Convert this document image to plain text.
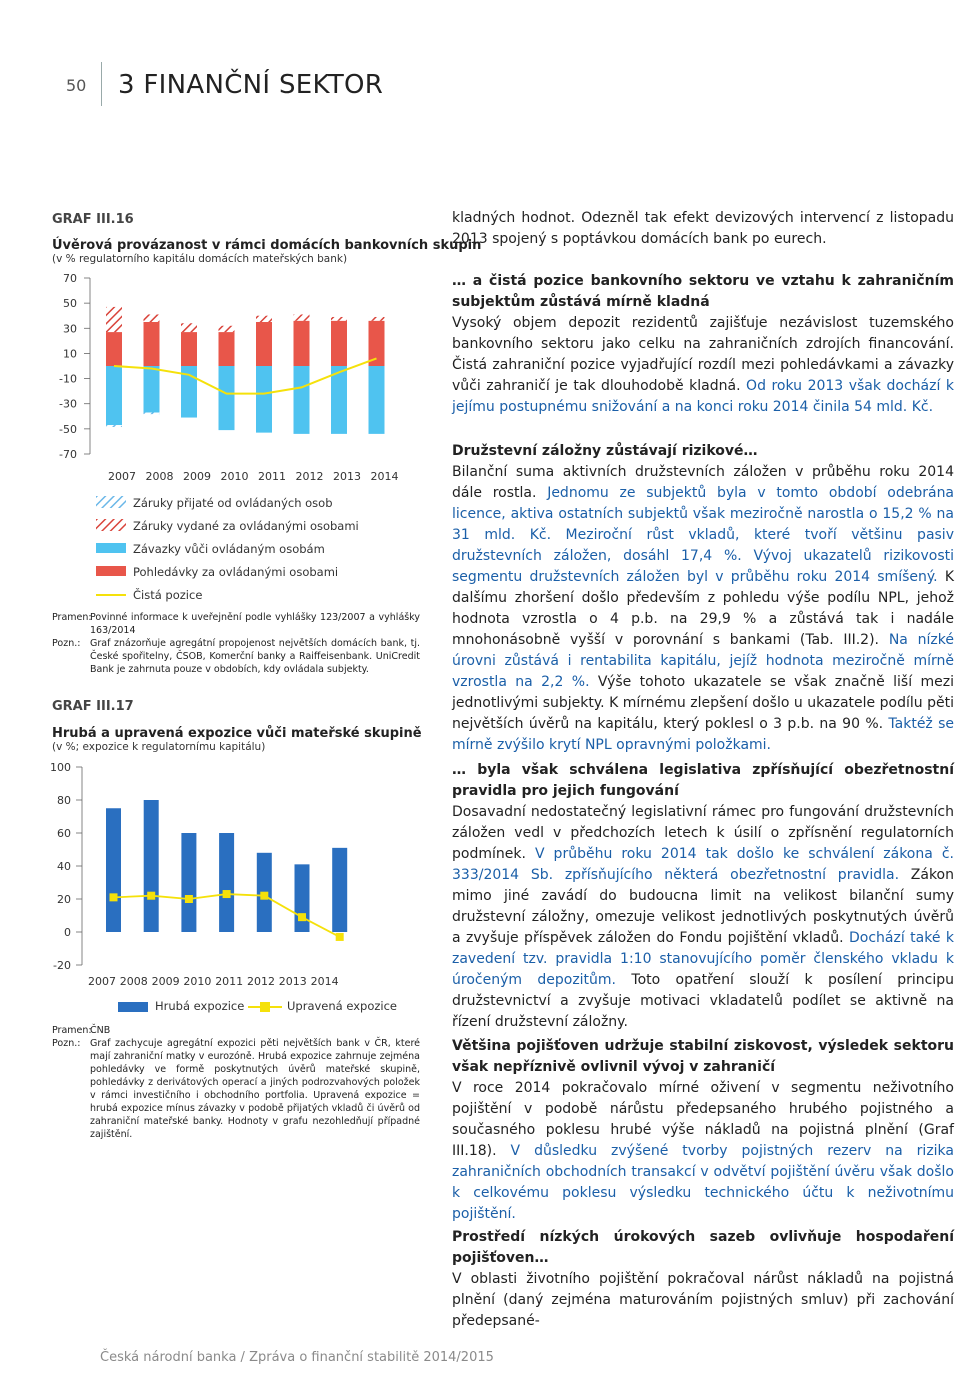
50 3 FINANČNÍ SEKTOR
GRAF III.16
Úvěrová provázanost v rámci domácích bankovních skupin
(v % regulatorního kapitálu domácích mateřských bank)
70
50
30
10
-10
-30
-50
-70
2007 2008 2009 2010 2011 2012 2013 2014
Záruky přijaté od ovládaných osob
Záruky vydané za ovládanými osobami
Závazky vůči ovládaným osobám
Pohledávky za ovládanými osobami
Čistá pozice
Pramen:
Povinné informace k uveřejnění podle vyhlášky 123/2007 a vyhlášky 163/2014
Pozn.:	Graf znázorňuje agregátní propojenost největších domácích bank, tj. České spořitelny, ČSOB, Komerční banky a Raiffeisenbank. UniCredit Bank je zahrnuta pouze v obdobích, kdy ovládala subjekty.
GRAF III.17
Hrubá a upravená expozice vůči mateřské skupině
(v %; expozice k regulatornímu kapitálu)
100
80
60
40
20
0
-20
2007 2008 2009 2010 2011 2012 2013 2014
Hrubá expozice	Upravená expozice
Pramen:
ČNB
Pozn.:	Graf zachycuje agregátní expozici pěti největších bank v ČR, které mají zahraniční matky v eurozóně. Hrubá expozice zahrnuje zejména pohledávky ve formě poskytnutých úvěrů mateřské skupině, pohledávky z derivátových operací a jiných podrozvahových položek v rámci investičního i obchodního portfolia. Upravená expozice = hrubá expozice mínus závazky v podobě přijatých vkladů či úvěrů od zahraniční mateřské banky. Hodnoty v grafu nezohledňují případné zajištění.

kladných hodnot. Odezněl tak efekt devizových intervencí z listopadu 2013 spojený s poptávkou domácích bank po eurech.

… a čistá pozice bankovního sektoru ve vztahu k zahraničním subjektům zůstává mírně kladná

Vysoký objem depozit rezidentů zajišťuje nezávislost tuzemského bankovního sektoru jako celku na zahraničních zdrojích financování. Čistá zahraniční pozice vyjadřující rozdíl mezi pohledávkami a závazky vůči zahraničí je tak dlouhodobě kladná. Od roku 2013 však dochází k jejímu postupnému snižování a na konci roku 2014 činila 54 mld. Kč.

Družstevní záložny zůstávají rizikové…

Bilanční suma aktivních družstevních záložen v průběhu roku 2014 dále rostla. Jednomu ze subjektů byla v tomto období odebrána licence, aktiva ostatních subjektů však meziročně narostla o 15,2 % na 31 mld. Kč. Meziroční růst vkladů, které tvoří většinu pasiv družstevních záložen, dosáhl 17,4 %. Vývoj ukazatelů rizikovosti segmentu družstevních záložen byl v průběhu roku 2014 smíšený. K dalšímu zhoršení došlo především z pohledu výše podílu NPL, jehož hodnota vzrostla o 4 p.b. na 29,9 % a zůstává tak i nadále mnohonásobně vyšší v porovnání s bankami (Tab. III.2). Na nízké úrovni zůstává i rentabilita kapitálu, jejíž hodnota meziročně mírně vzrostla na 2,2 %. Výše tohoto ukazatele se však značně liší mezi jednotlivými subjekty. K mírnému zlepšení došlo u ukazatele podílu pěti největších úvěrů na kapitálu, který poklesl o 3 p.b. na 90 %. Taktéž se mírně zvýšilo krytí NPL opravnými položkami.

… byla však schválena legislativa zpřísňující obezřetnostní pravidla pro jejich fungování

Dosavadní nedostatečný legislativní rámec pro fungování družstevních záložen vedl v předchozích letech k úsilí o zpřísnění regulatorních podmínek. V průběhu roku 2014 tak došlo ke schválení zákona č. 333/2014 Sb. zpřísňujícího některá obezřetnostní pravidla. Zákon mimo jiné zavádí do budoucna limit na velikost bilanční sumy družstevní záložny, omezuje velikost jednotlivých poskytnutých úvěrů a zvyšuje příspěvek záložen do Fondu pojištění vkladů. Dochází také k zavedení tzv. pravidla 1:10 stanovujícího poměr členského vkladu k úročeným depozitům. Toto opatření slouží k posílení principu družstevnictví a zvyšuje motivaci vkladatelů podílet se aktivně na řízení družstevní záložny.

Většina pojišťoven udržuje stabilní ziskovost, výsledek sektoru však nepříznivě ovlivnil vývoj v zahraničí

V roce 2014 pokračovalo mírné oživení v segmentu neživotního pojištění v podobě nárůstu předepsaného hrubého pojistného a současného poklesu hrubé výše nákladů na pojistná plnění (Graf III.18). V důsledku zvýšené tvorby pojistných rezerv na rizika zahraničních obchodních transakcí v odvětví pojištění úvěru však došlo k celkovému poklesu výsledku technického účtu k neživotnímu pojištění.

Prostředí nízkých úrokových sazeb ovlivňuje hospodaření pojišťoven…

V oblasti životního pojištění pokračoval nárůst nákladů na pojistná plnění (daný zejména maturováním pojistných smluv) při zachování předepsané-

Česká národní banka / Zpráva o finanční stabilitě 2014/2015
